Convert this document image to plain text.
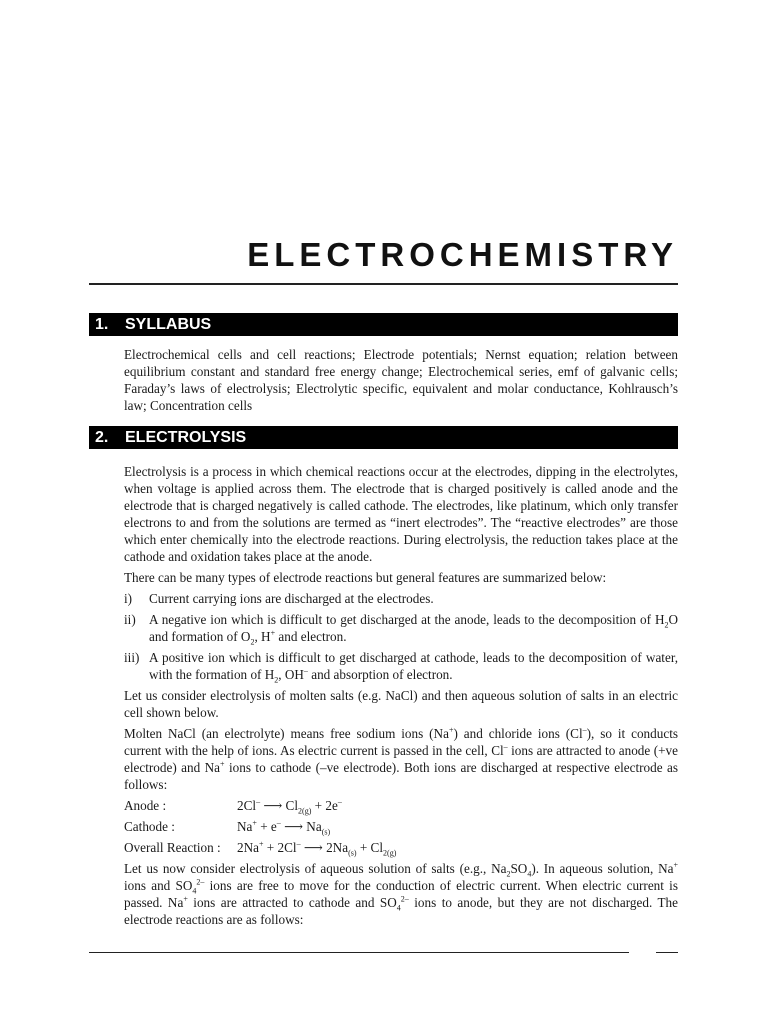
ELECTROCHEMISTRY
1. SYLLABUS

Electrochemical cells and cell reactions; Electrode potentials; Nernst equation; relation between equilibrium constant and standard free energy change; Electrochemical series, emf of galvanic cells; Faraday’s laws of electrolysis; Electrolytic specific, equivalent and molar conductance, Kohlrausch’s law; Concentration cells

2. ELECTROLYSIS

Electrolysis is a process in which chemical reactions occur at the electrodes, dipping in the electrolytes, when voltage is applied across them. The electrode that is charged positively is called anode and the electrode that is charged negatively is called cathode. The electrodes, like platinum, which only transfer electrons to and from the solutions are termed as “inert electrodes”. The “reactive electrodes” are those which enter chemically into the electrode reactions. During electrolysis, the reduction takes place at the cathode and oxidation takes place at the anode.

There can be many types of electrode reactions but general features are summarized below:

i)	Current carrying ions are discharged at the electrodes.
ii)	A negative ion which is difficult to get discharged at the anode, leads to the decomposition of $H_2O$ and formation of $O_2$, H+ and electron.
iii) A positive ion which is difficult to get discharged at cathode, leads to the decomposition of water, with the formation of $H_2$, OH– and absorption of electron.

Let us consider electrolysis of molten salts (e.g. NaCl) and then aqueous solution of salts in an electric cell shown below.

Molten NaCl (an electrolyte) means free sodium ions (Na+) and chloride ions (Cl–), so it conducts current with the help of ions. As electric current is passed in the cell, Cl– ions are attracted to anode (+ve electrode) and Na+ ions to cathode (–ve electrode). Both ions are discharged at respective electrode as follows:

Anode :	2Cl– ⟶ $Cl_{2(g)} + 2e^-$
Cathode :	Na+ + e– ⟶ $Na_{(s)}$
Overall Reaction :	2Na+ + 2Cl– ⟶ $2Na_{(s)} + Cl_{2(g)}$

Let us now consider electrolysis of aqueous solution of salts (e.g., $Na_2SO_4$). In aqueous solution, Na+ ions and $SO_4^{2-}$ ions are free to move for the conduction of electric current. When electric current is passed. Na+ ions are attracted to cathode and $SO_4^{2-}$ ions to anode, but they are not discharged. The electrode reactions are as follows:
